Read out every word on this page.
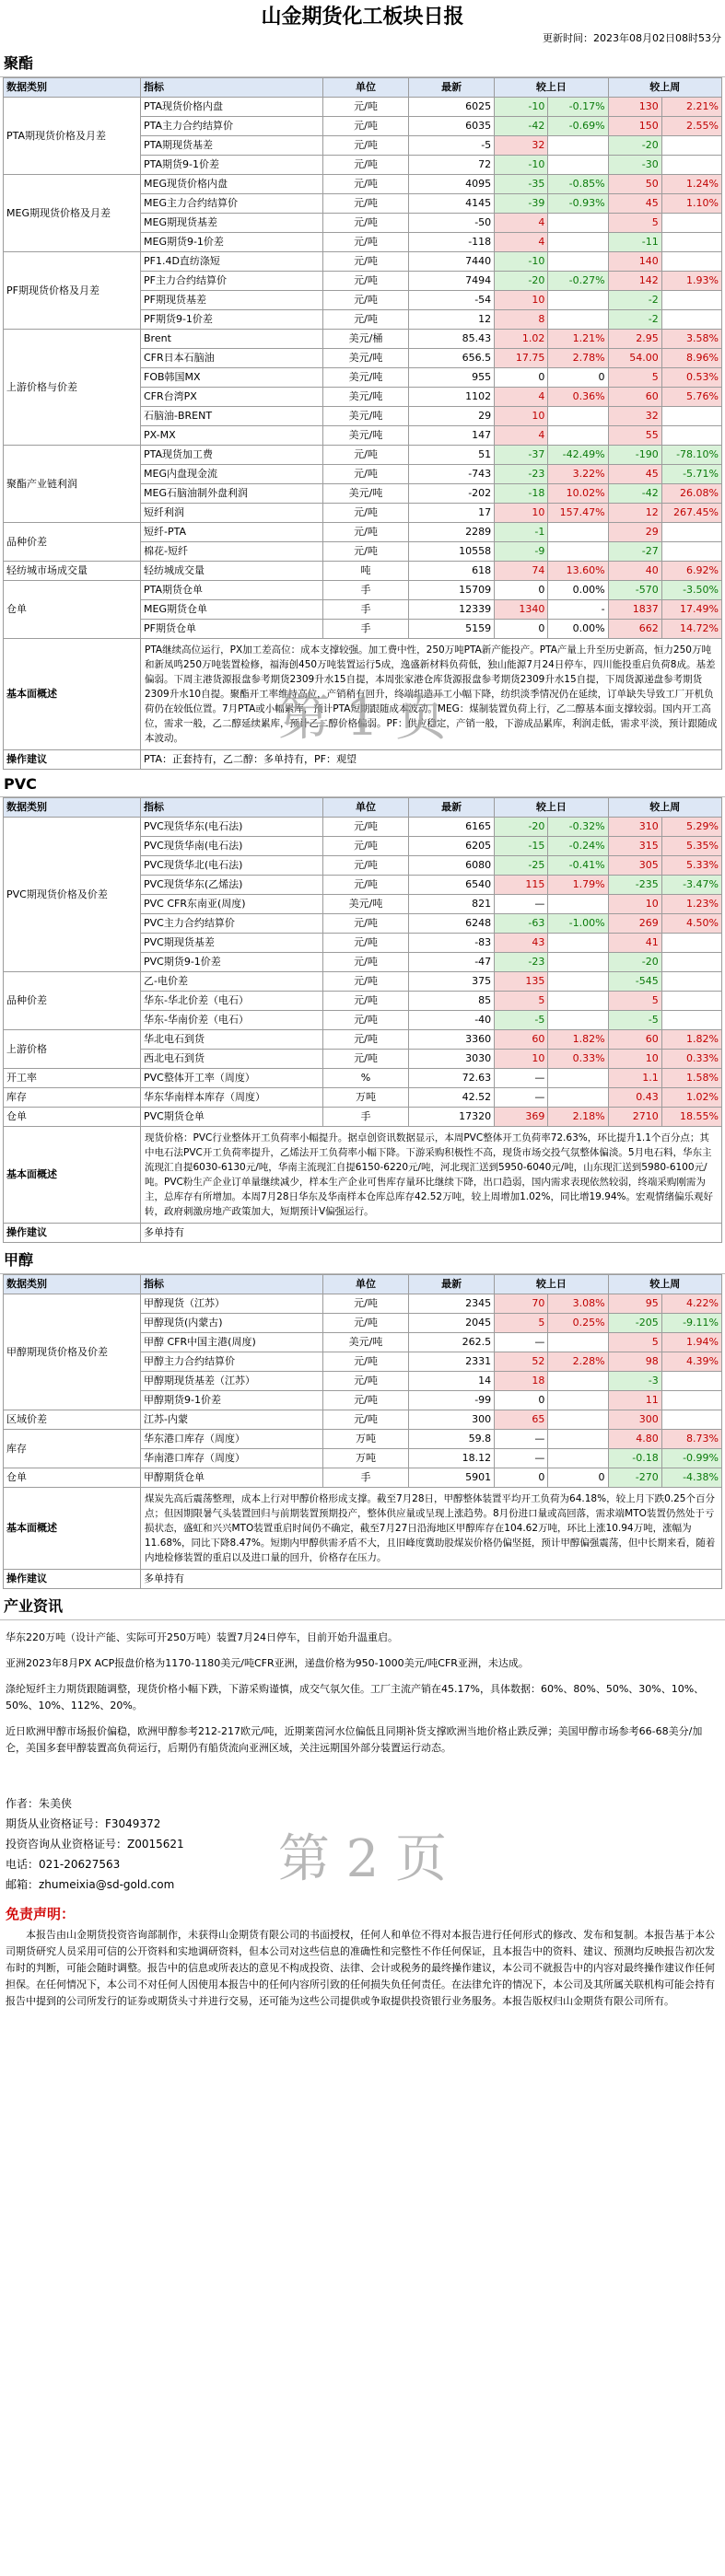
山金期货化工板块日报
更新时间：2023年08月02日08时53分
聚酯
数据类别	指标	单位	最新	较上日		较上周	
PTA期现货价格及月差	PTA现货价格内盘	元/吨	6025	-10	-0.17%	130	2.21%
	PTA主力合约结算价	元/吨	6035	-42	-0.69%	150	2.55%
	PTA期现货基差	元/吨	-5	32		-20	
	PTA期货9-1价差	元/吨	72	-10		-30	
MEG期现货价格及月差	MEG现货价格内盘	元/吨	4095	-35	-0.85%	50	1.24%
	MEG主力合约结算价	元/吨	4145	-39	-0.93%	45	1.10%
	MEG期现货基差	元/吨	-50	4		5	
	MEG期货9-1价差	元/吨	-118	4		-11	
PF期现货价格及月差	PF1.4D直纺涤短	元/吨	7440	-10		140	
	PF主力合约结算价	元/吨	7494	-20	-0.27%	142	1.93%
	PF期现货基差	元/吨	-54	10		-2	
	PF期货9-1价差	元/吨	12	8		-2	
上游价格与价差	Brent	美元/桶	85.43	1.02	1.21%	2.95	3.58%
	CFR日本石脑油	美元/吨	656.5	17.75	2.78%	54.00	8.96%
	FOB韩国MX	美元/吨	955	0	0	5	0.53%
	CFR台湾PX	美元/吨	1102	4	0.36%	60	5.76%
	石脑油-BRENT	美元/吨	29	10		32	
	PX-MX	美元/吨	147	4		55	
聚酯产业链利润	PTA现货加工费	元/吨	51	-37	-42.49%	-190	-78.10%
	MEG内盘现金流	元/吨	-743	-23	3.22%	45	-5.71%
	MEG石脑油制外盘利润	美元/吨	-202	-18	10.02%	-42	26.08%
	短纤利润	元/吨	17	10	157.47%	12	267.45%
品种价差	短纤-PTA	元/吨	2289	-1		29	
	棉花-短纤	元/吨	10558	-9		-27	
轻纺城市场成交量	轻纺城成交量	吨	618	74	13.60%	40	6.92%
仓单	PTA期货仓单	手	15709	0	0.00%	-570	-3.50%
	MEG期货仓单	手	12339	1340	-	1837	17.49%
	PF期货仓单	手	5159	0	0.00%	662	14.72%
基本面概述	PTA继续高位运行，PX加工差高位：成本支撑较强。加工费中性，250万吨PTA新产能投产。PTA产量上升至历史新高，恒力250万吨和新凤鸣250万吨装置检修，福海创450万吨装置运行5成，逸盛新材料负荷低，独山能源7月24日停车，四川能投重启负荷8成。基差偏弱。下周主港货源报盘参考期货2309升水15自提，本周张家港仓库货源报盘参考期货2309升水15自提，下周货源递盘参考期货2309升水10自提。聚酯开工率维持高位，产销稍有回升，终端织造开工小幅下降，纺织淡季情况仍在延续，订单缺失导致工厂开机负荷仍在较低位置。7月PTA或小幅累库，预计PTA短期跟随成本波动。MEG：煤制装置负荷上行，乙二醇基本面支撑较弱。国内开工高位，需求一般，乙二醇延续累库，预计乙二醇价格偏弱。PF：供应稳定，产销一般，下游成品累库，利润走低，需求平淡，预计跟随成本波动。						
操作建议	PTA：正套持有，乙二醇：多单持有，PF：观望						
PVC
数据类别	指标	单位	最新	较上日		较上周	
PVC期现货价格及价差	PVC现货华东(电石法)	元/吨	6165	-20	-0.32%	310	5.29%
	PVC现货华南(电石法)	元/吨	6205	-15	-0.24%	315	5.35%
	PVC现货华北(电石法)	元/吨	6080	-25	-0.41%	305	5.33%
	PVC现货华东(乙烯法)	元/吨	6540	115	1.79%	-235	-3.47%
	PVC CFR东南亚(周度)	美元/吨	821	—		10	1.23%
	PVC主力合约结算价	元/吨	6248	-63	-1.00%	269	4.50%
	PVC期现货基差	元/吨	-83	43		41	
	PVC期货9-1价差	元/吨	-47	-23		-20	
品种价差	乙-电价差	元/吨	375	135		-545	
	华东-华北价差（电石）	元/吨	85	5		5	
	华东-华南价差（电石）	元/吨	-40	-5		-5	
上游价格	华北电石到货	元/吨	3360	60	1.82%	60	1.82%
	西北电石到货	元/吨	3030	10	0.33%	10	0.33%
开工率	PVC整体开工率（周度）	%	72.63	—		1.1	1.58%
库存	华东华南样本库存（周度）	万吨	42.52	—		0.43	1.02%
仓单	PVC期货仓单	手	17320	369	2.18%	2710	18.55%
基本面概述	现货价格：PVC行业整体开工负荷率小幅提升。据卓创资讯数据显示，本周PVC整体开工负荷率72.63%，环比提升1.1个百分点；其中电石法PVC开工负荷率提升，乙烯法开工负荷率小幅下降。下游采购积极性不高，现货市场交投气氛整体偏淡。5月电石料，华东主流现汇自提6030-6130元/吨，华南主流现汇自提6150-6220元/吨，河北现汇送到5950-6040元/吨，山东现汇送到5980-6100元/吨。PVC粉生产企业订单量继续减少，样本生产企业可售库存量环比继续下降，出口趋弱，国内需求表现依然较弱，终端采购刚需为主，总库存有所增加。本周7月28日华东及华南样本仓库总库存42.52万吨，较上周增加1.02%，同比增19.94%。宏观情绪偏乐观好转，政府刺激房地产政策加大，短期预计V偏强运行。						
操作建议	多单持有						
甲醇
数据类别	指标	单位	最新	较上日		较上周	
甲醇期现货价格及价差	甲醇现货（江苏）	元/吨	2345	70	3.08%	95	4.22%
	甲醇现货(内蒙古)	元/吨	2045	5	0.25%	-205	-9.11%
	甲醇 CFR中国主港(周度)	美元/吨	262.5	—		5	1.94%
	甲醇主力合约结算价	元/吨	2331	52	2.28%	98	4.39%
	甲醇期现货基差（江苏）	元/吨	14	18		-3	
	甲醇期货9-1价差	元/吨	-99	0		11	
区域价差	江苏-内蒙	元/吨	300	65		300	
库存	华东港口库存（周度）	万吨	59.8	—		4.80	8.73%
	华南港口库存（周度）	万吨	18.12	—		-0.18	-0.99%
仓单	甲醇期货仓单	手	5901	0	0	-270	-4.38%
基本面概述	煤炭先高后震荡整理，成本上行对甲醇价格形成支撑。截至7月28日，甲醇整体装置平均开工负荷为64.18%，较上月下跌0.25个百分点；但因期限暑气头装置回归与前期装置预期投产，整体供应量或呈现上涨趋势。8月份进口量或高回落，需求端MTO装置仍然处于亏损状态，盛虹和兴兴MTO装置重启时间仍不确定，截至7月27日沿海地区甲醇库存在104.62万吨，环比上涨10.94万吨，涨幅为11.68%，同比下降8.47%。短期内甲醇供需矛盾不大，且旧峰度冀助股煤炭价格仍偏坚挺，预计甲醇偏强震荡，但中长期来看，随着内地检修装置的重启以及进口量的回升，价格存在压力。						
操作建议	多单持有						
第 1 页
第 2 页
产业资讯

华东220万吨（设计产能、实际可开250万吨）装置7月24日停车，目前开始升温重启。

亚洲2023年8月PX ACP报盘价格为1170-1180美元/吨CFR亚洲，递盘价格为950-1000美元/吨CFR亚洲，未达成。

涤纶短纤主力期货跟随调整，现货价格小幅下跌，下游采购谨慎，成交气氛欠佳。工厂主流产销在45.17%，具体数据：60%、80%、50%、30%、10%、50%、10%、112%、20%。

近日欧洲甲醇市场报价偏稳，欧洲甲醇参考212-217欧元/吨，近期莱茵河水位偏低且同期补货支撑欧洲当地价格止跌反弹；美国甲醇市场参考66-68美分/加仑，美国多套甲醇装置高负荷运行，后期仍有船货流向亚洲区域，关注远期国外部分装置运行动态。

作者：朱美侠
期货从业资格证号：F3049372
投资咨询从业资格证号：Z0015621
电话：021-20627563
邮箱：zhumeixia@sd-gold.com
免责声明：
本报告由山金期货投资咨询部制作，未获得山金期货有限公司的书面授权，任何人和单位不得对本报告进行任何形式的修改、发布和复制。本报告基于本公司期货研究人员采用可信的公开资料和实地调研资料，但本公司对这些信息的准确性和完整性不作任何保证，且本报告中的资料、建议、预测均反映报告初次发布时的判断，可能会随时调整。报告中的信息或所表达的意见不构成投资、法律、会计或税务的最终操作建议，本公司不就报告中的内容对最终操作建议作任何担保。在任何情况下，本公司不对任何人因使用本报告中的任何内容所引致的任何损失负任何责任。在法律允许的情况下，本公司及其所属关联机构可能会持有报告中提到的公司所发行的证券或期货头寸并进行交易，还可能为这些公司提供或争取提供投资银行业务服务。本报告版权归山金期货有限公司所有。
